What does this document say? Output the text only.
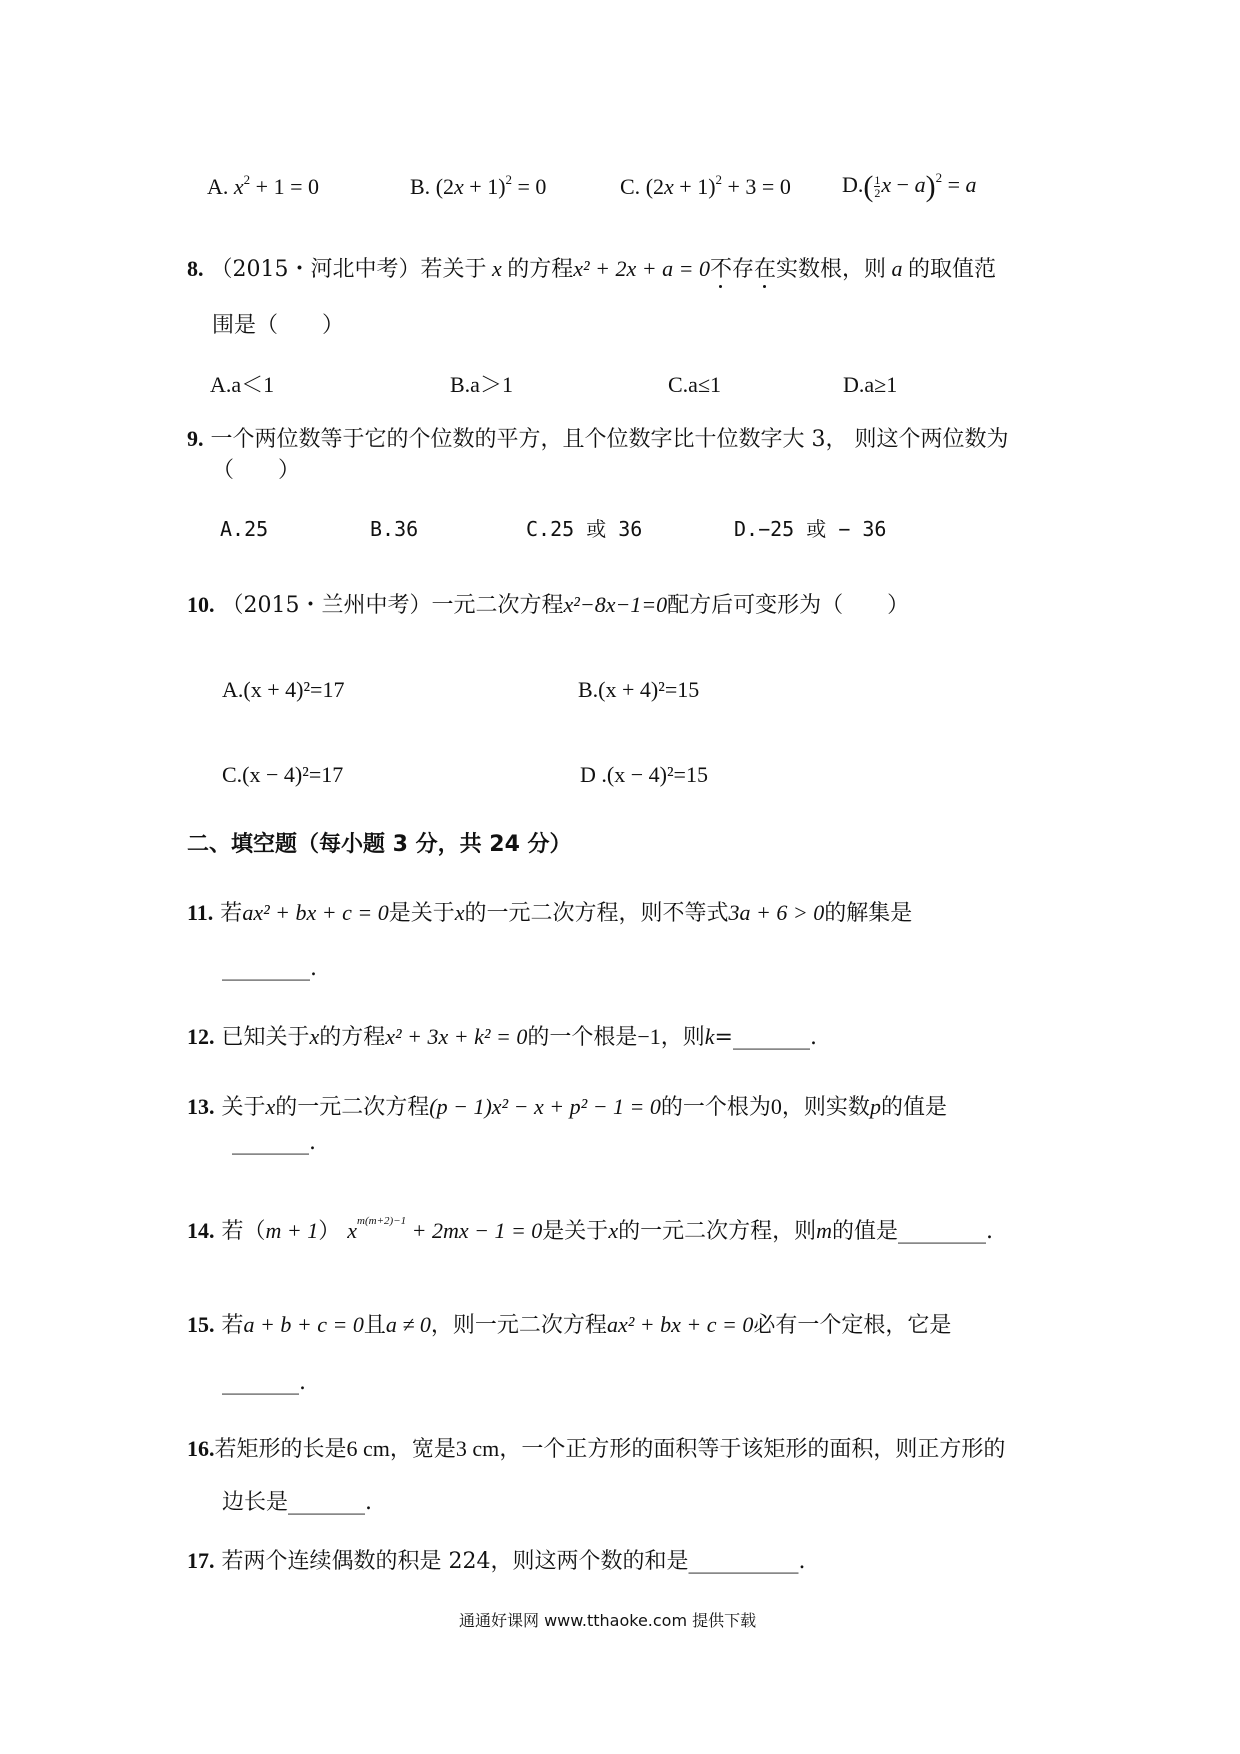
A. $x^2 + 1 = 0$	B. $(2x + 1)^2 = 0$	C. $(2x + 1)^2 + 3 = 0$ $D.( \frac{1}{2}$ $x - a)^2 = a$
8. （2015・河北中考）若关于 x 的方程x² + 2x + a = 0不存在实数根，则 a 的取值范
围是（　　）
A.a＜1	B.a＞1	C.a≤1	D.a≥1
9. 一个两位数等于它的个位数的平方，且个位数字比十位数字大 3， 则这个两位数为
（　　）
A.25	B.36	C.25 或 36	D.−25 或 − 36
10. （2015・兰州中考）一元二次方程x²−8x−1=0配方后可变形为（　　）
A.(x + 4)²=17	B.(x + 4)²=15
C.(x − 4)²=17	D .(x − 4)²=15
二、填空题（每小题 3 分，共 24 分）
11. 若ax² + bx + c = 0是关于x的一元二次方程，则不等式3a + 6 > 0的解集是
________.
12. 已知关于x的方程x² + 3x + k² = 0的一个根是−1，则k=_______.
13. 关于x的一元二次方程(p − 1)x² − x + p² − 1 = 0的一个根为0，则实数p的值是
_______.
14. 若（m + 1） $x^{m(m+2)-1} + 2mx - 1 = 0$是关于x的一元二次方程，则m的值是________.
15. 若a + b + c = 0且a ≠ 0，则一元二次方程ax² + bx + c = 0必有一个定根，它是
_______.
16.若矩形的长是6 cm，宽是3 cm，一个正方形的面积等于该矩形的面积，则正方形的
边长是_______.
17. 若两个连续偶数的积是 224，则这两个数的和是__________.
通通好课网 www.tthaoke.com 提供下载
